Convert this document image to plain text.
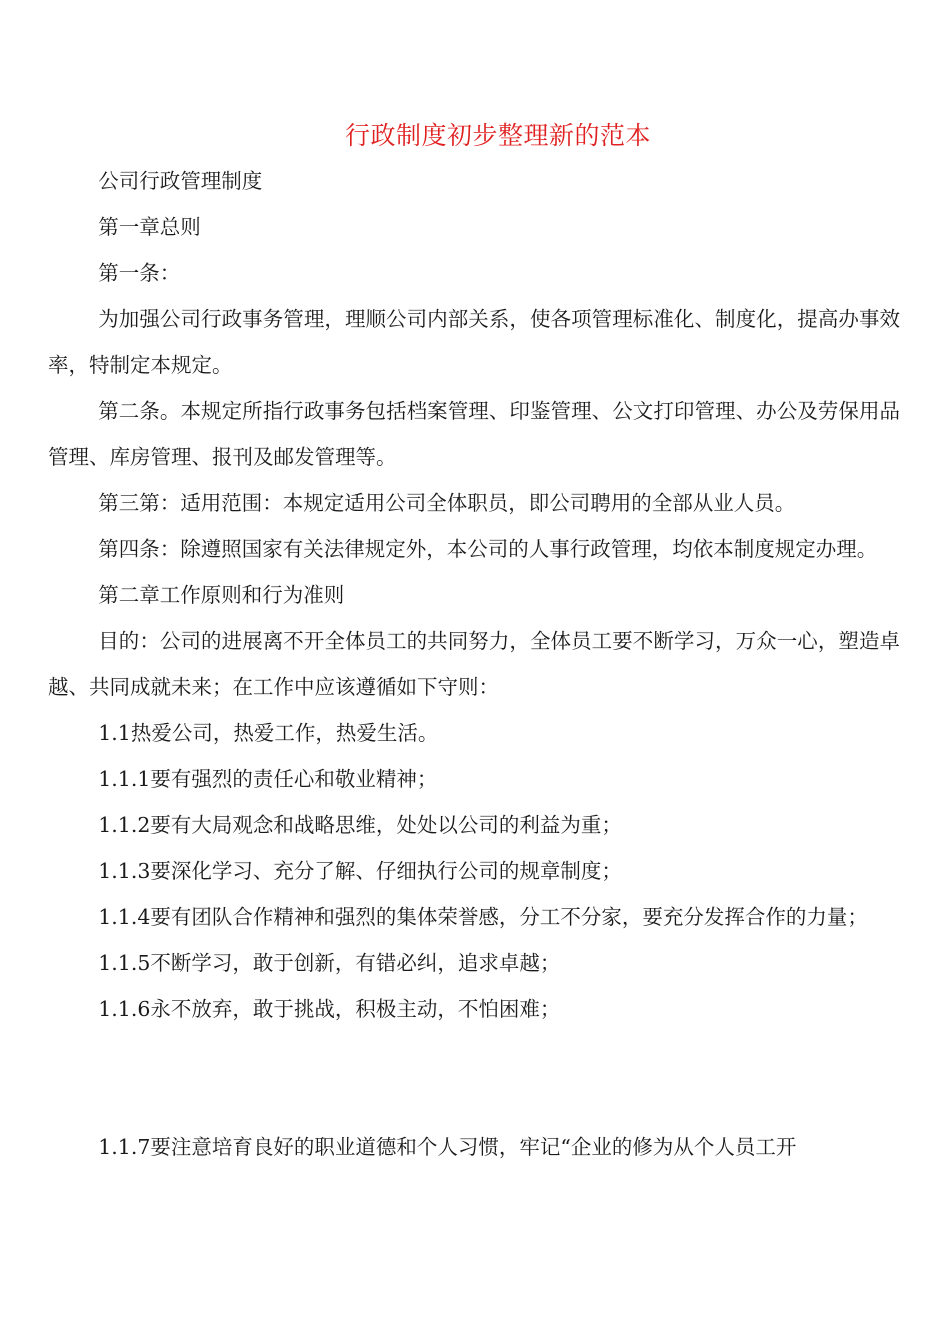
行政制度初步整理新的范本

公司行政管理制度

第一章总则

第一条：

为加强公司行政事务管理，理顺公司内部关系，使各项管理标准化、制度化，提高办事效率，特制定本规定。

第二条。本规定所指行政事务包括档案管理、印鉴管理、公文打印管理、办公及劳保用品管理、库房管理、报刊及邮发管理等。

第三第：适用范围：本规定适用公司全体职员，即公司聘用的全部从业人员。

第四条：除遵照国家有关法律规定外，本公司的人事行政管理，均依本制度规定办理。

第二章工作原则和行为准则

目的：公司的进展离不开全体员工的共同努力，全体员工要不断学习，万众一心，塑造卓越、共同成就未来；在工作中应该遵循如下守则：

1.1热爱公司，热爱工作，热爱生活。

1.1.1要有强烈的责任心和敬业精神；

1.1.2要有大局观念和战略思维，处处以公司的利益为重；

1.1.3要深化学习、充分了解、仔细执行公司的规章制度；

1.1.4要有团队合作精神和强烈的集体荣誉感，分工不分家，要充分发挥合作的力量；

1.1.5不断学习，敢于创新，有错必纠，追求卓越；

1.1.6永不放弃，敢于挑战，积极主动，不怕困难；

1.1.7要注意培育良好的职业道德和个人习惯，牢记“企业的修为从个人员工开
